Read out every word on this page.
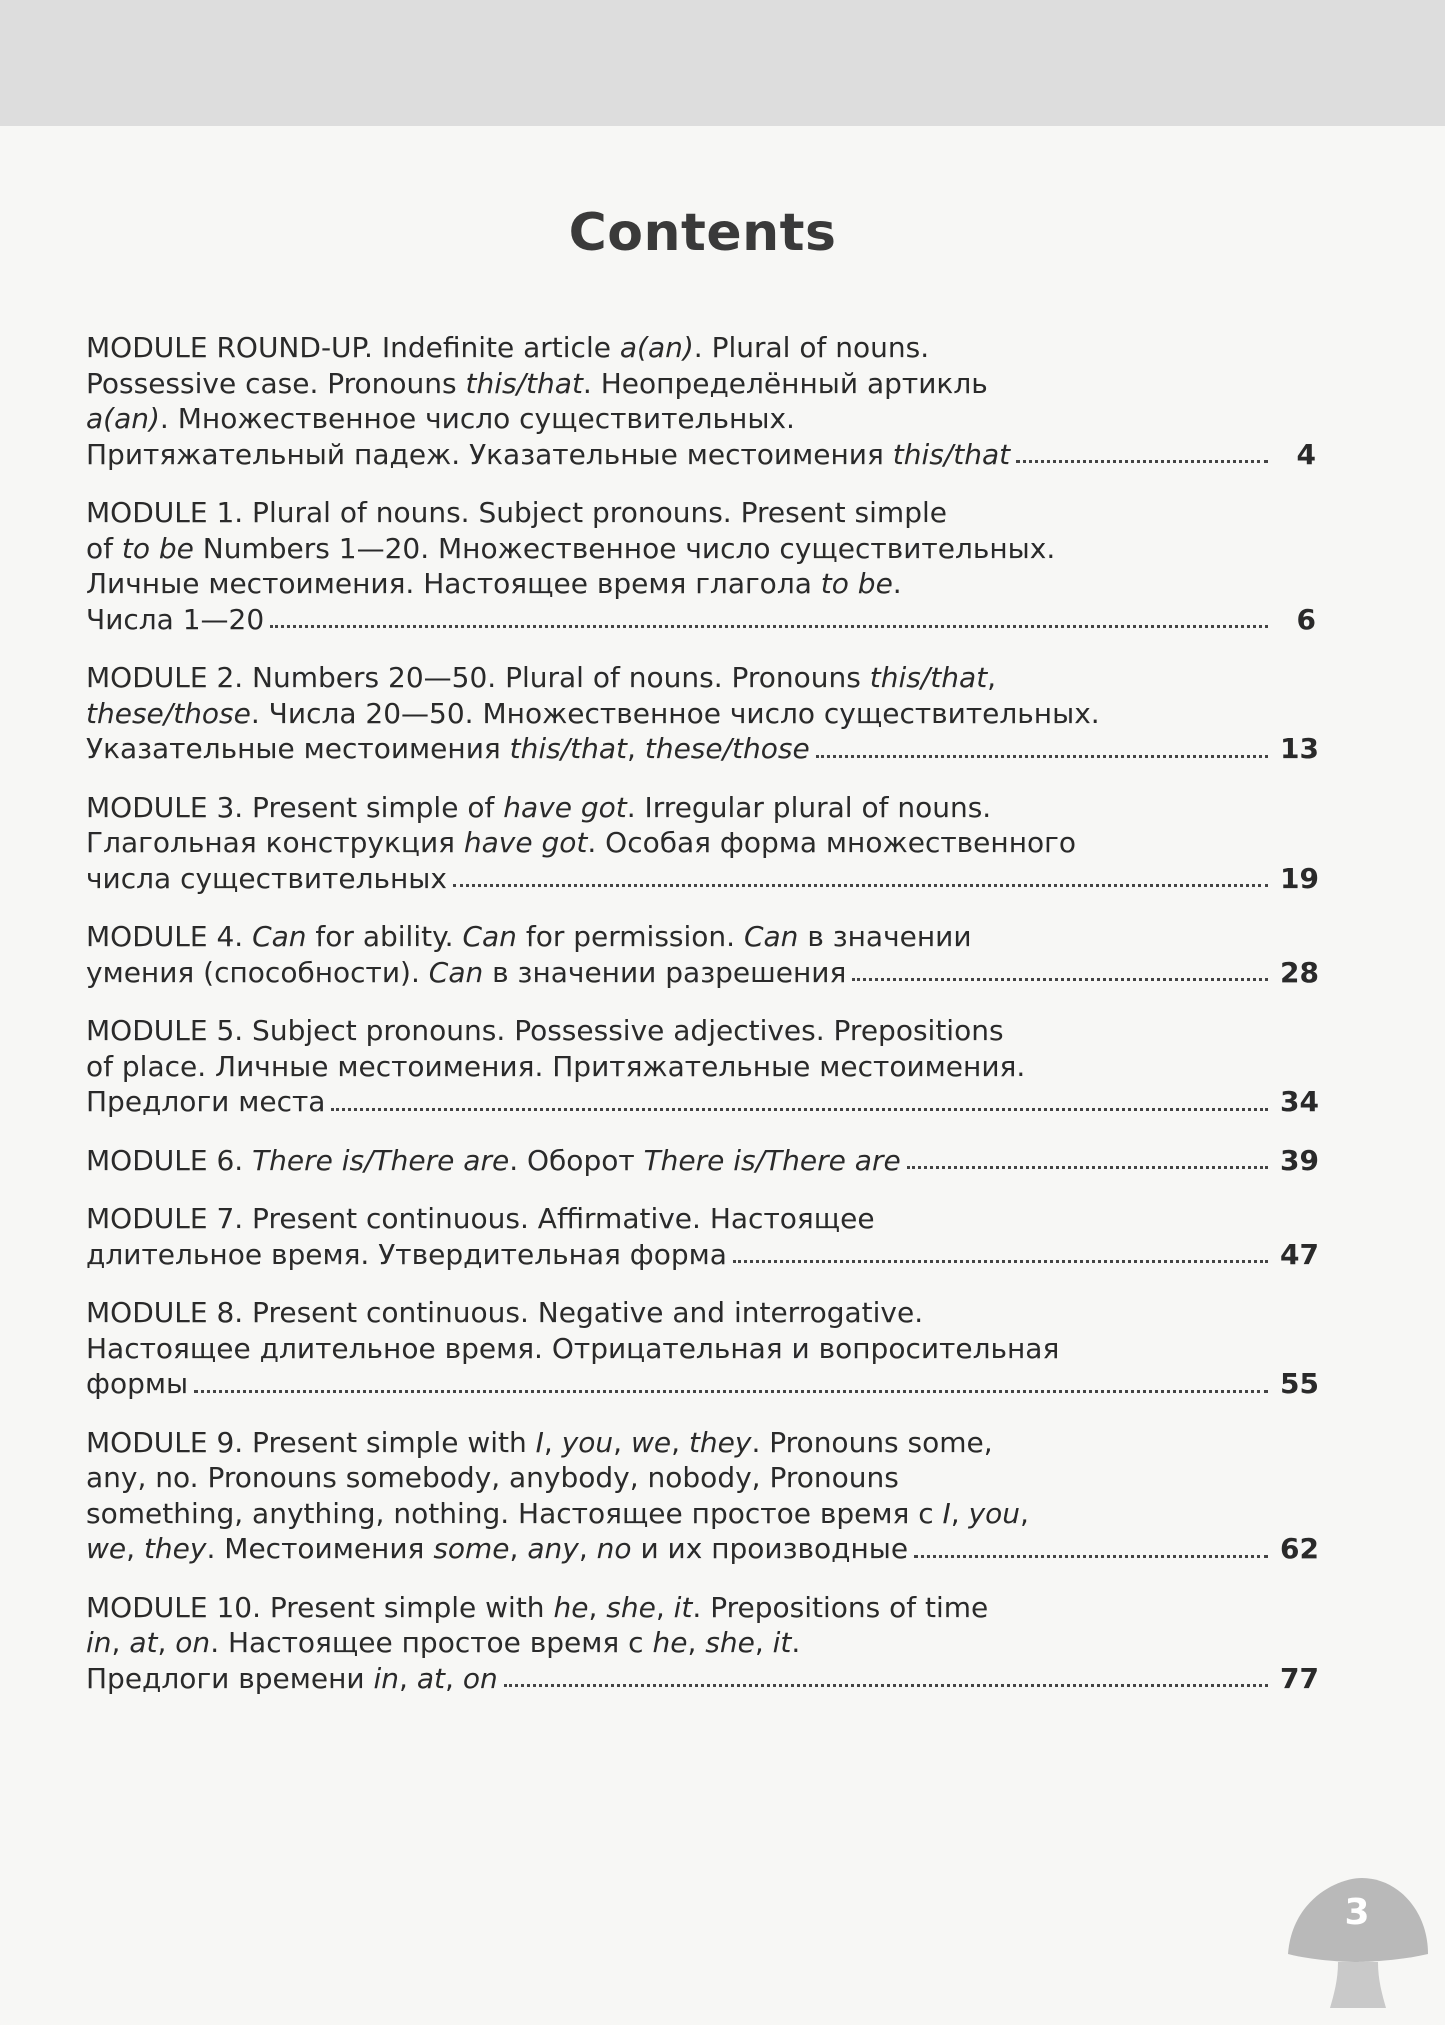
Contents
MODULE ROUND-UP. Indefinite article a(an). Plural of nouns.
Possessive case. Pronouns this/that. Неопределённый артикль
a(an). Множественное число существительных.
Притяжательный падеж. Указательные местоимения this/that	4
MODULE 1. Plural of nouns. Subject pronouns. Present simple
of to be Numbers 1—20. Множественное число существительных.
Личные местоимения. Настоящее время глагола to be.
Числа 1—20	6
MODULE 2. Numbers 20—50. Plural of nouns. Pronouns this/that,
these/those. Числа 20—50. Множественное число существительных.
Указательные местоимения this/that, these/those	13
MODULE 3. Present simple of have got. Irregular plural of nouns.
Глагольная конструкция have got. Особая форма множественного
числа существительных	19
MODULE 4. Can for ability. Can for permission. Can в значении
умения (способности). Can в значении разрешения	28
MODULE 5. Subject pronouns. Possessive adjectives. Prepositions
of place. Личные местоимения. Притяжательные местоимения.
Предлоги места	34
MODULE 6. There is/There are. Оборот There is/There are	39
MODULE 7. Present continuous. Affirmative. Настоящее
длительное время. Утвердительная форма	47
MODULE 8. Present continuous. Negative and interrogative.
Настоящее длительное время. Отрицательная и вопросительная
формы	55
MODULE 9. Present simple with I, you, we, they. Pronouns some,
any, no. Pronouns somebody, anybody, nobody, Pronouns
something, anything, nothing. Настоящее простое время с I, you,
we, they. Местоимения some, any, no и их производные	62
MODULE 10. Present simple with he, she, it. Prepositions of time
in, at, on. Настоящее простое время с he, she, it.
Предлоги времени in, at, on	77
3
